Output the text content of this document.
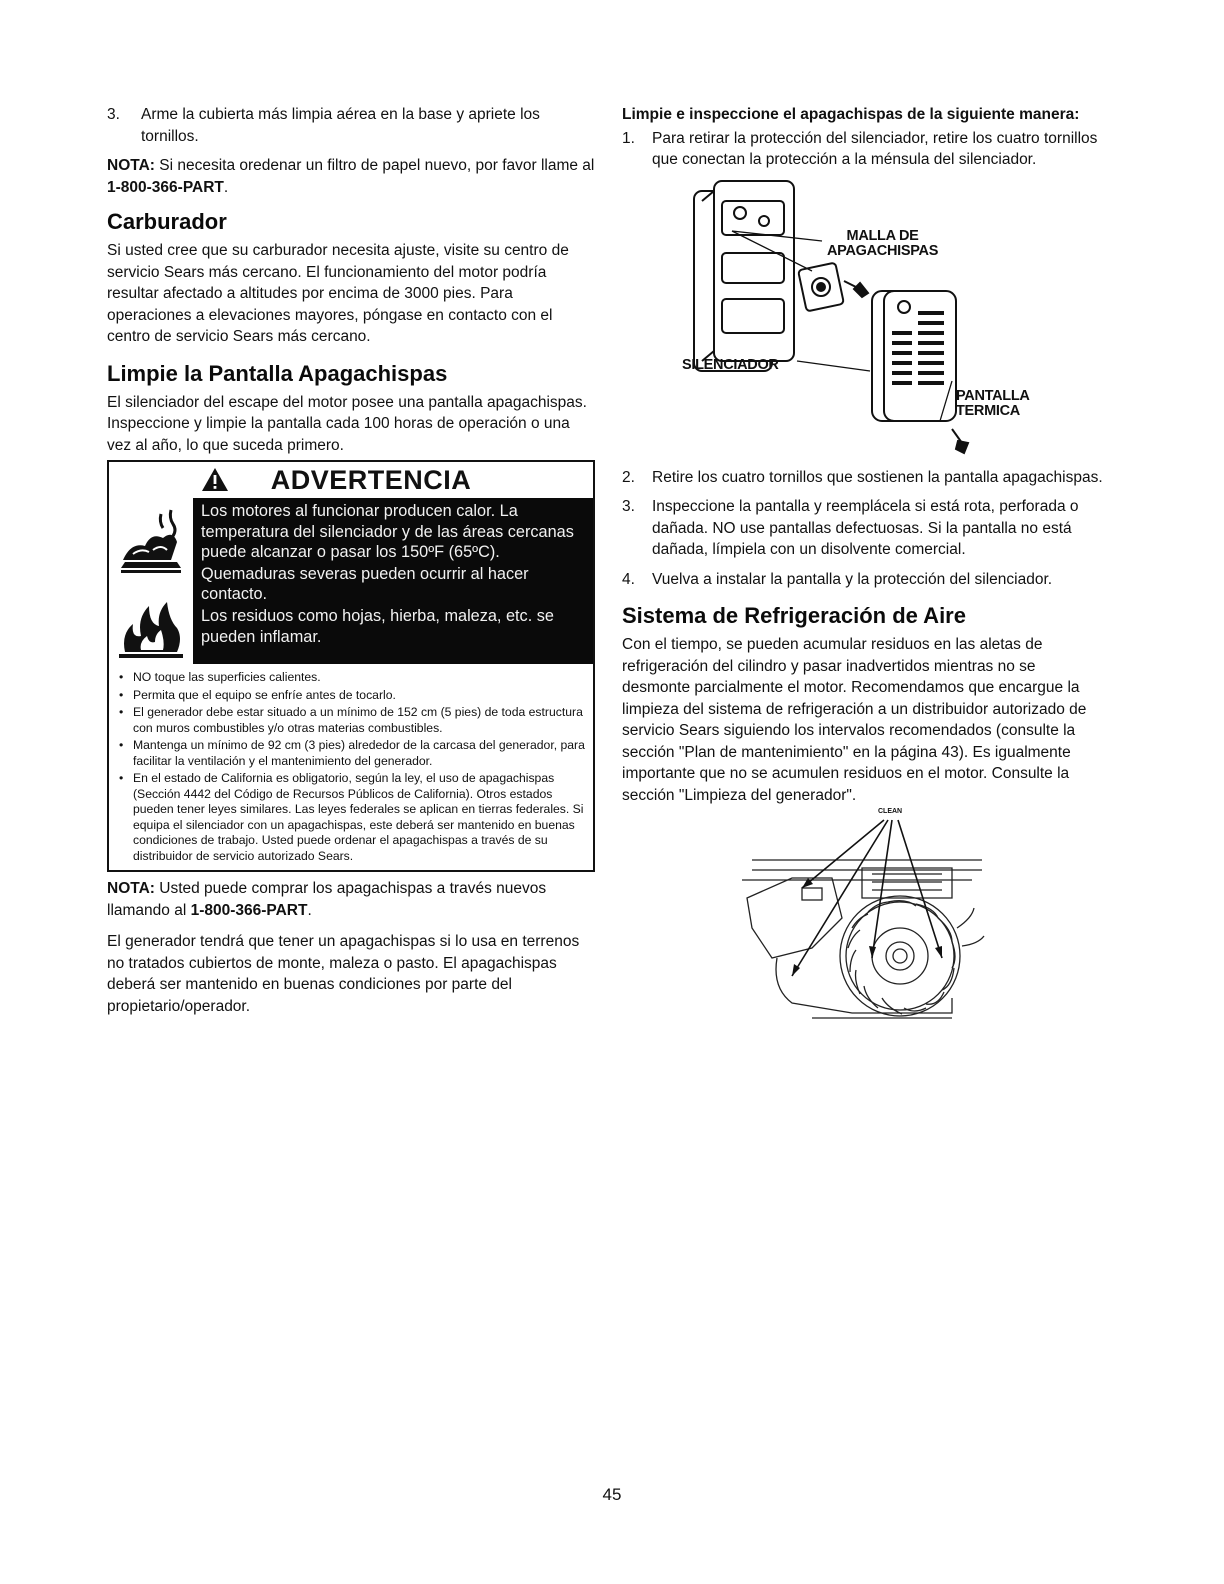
3. Arme la cubierta más limpia aérea en la base y apriete los tornillos.

NOTA: Si necesita oredenar un filtro de papel nuevo, por favor llame al 1-800-366-PART.

Carburador

Si usted cree que su carburador necesita ajuste, visite su centro de servicio Sears más cercano. El funcionamiento del motor podría resultar afectado a altitudes por encima de 3000 pies. Para operaciones a elevaciones mayores, póngase en contacto con el centro de servicio Sears más cercano.

Limpie la Pantalla Apagachispas

El silenciador del escape del motor posee una pantalla apagachispas. Inspeccione y limpie la pantalla cada 100 horas de operación o una vez al año, lo que suceda primero.

ADVERTENCIA
Los motores al funcionar producen calor. La temperatura del silenciador y de las áreas cercanas puede alcanzar o pasar los 150ºF (65ºC).
Quemaduras severas pueden ocurrir al hacer contacto.
Los residuos como hojas, hierba, maleza, etc. se pueden inflamar.
• NO toque las superficies calientes.
• Permita que el equipo se enfríe antes de tocarlo.
• El generador debe estar situado a un mínimo de 152 cm (5 pies) de toda estructura con muros combustibles y/o otras materias combustibles.
• Mantenga un mínimo de 92 cm (3 pies) alrededor de la carcasa del generador, para facilitar la ventilación y el mantenimiento del generador.
• En el estado de California es obligatorio, según la ley, el uso de apagachispas (Sección 4442 del Código de Recursos Públicos de California). Otros estados pueden tener leyes similares. Las leyes federales se aplican en tierras federales. Si equipa el silenciador con un apagachispas, este deberá ser mantenido en buenas condiciones de trabajo. Usted puede ordenar el apagachispas a través de su distribuidor de servicio autorizado Sears.

NOTA: Usted puede comprar los apagachispas a través nuevos llamando al 1-800-366-PART.

El generador tendrá que tener un apagachispas si lo usa en terrenos no tratados cubiertos de monte, maleza o pasto. El apagachispas deberá ser mantenido en buenas condiciones por parte del propietario/operador.

Limpie e inspeccione el apagachispas de la siguiente manera:

1. Para retirar la protección del silenciador, retire los cuatro tornillos que conectan la protección a la ménsula del silenciador.
MALLA DE
APAGACHISPAS
SILENCIADOR
PANTALLA
TERMICA
2. Retire los cuatro tornillos que sostienen la pantalla apagachispas.
3. Inspeccione la pantalla y reemplácela si está rota, perforada o dañada. NO use pantallas defectuosas. Si la pantalla no está dañada, límpiela con un disolvente comercial.
4. Vuelva a instalar la pantalla y la protección del silenciador.
Sistema de Refrigeración de Aire

Con el tiempo, se pueden acumular residuos en las aletas de refrigeración del cilindro y pasar inadvertidos mientras no se desmonte parcialmente el motor. Recomendamos que encargue la limpieza del sistema de refrigeración a un distribuidor autorizado de servicio Sears siguiendo los intervalos recomendados (consulte la sección "Plan de mantenimiento" en la página 43). Es igualmente importante que no se acumulen residuos en el motor. Consulte la sección "Limpieza del generador".

CLEAN
45
